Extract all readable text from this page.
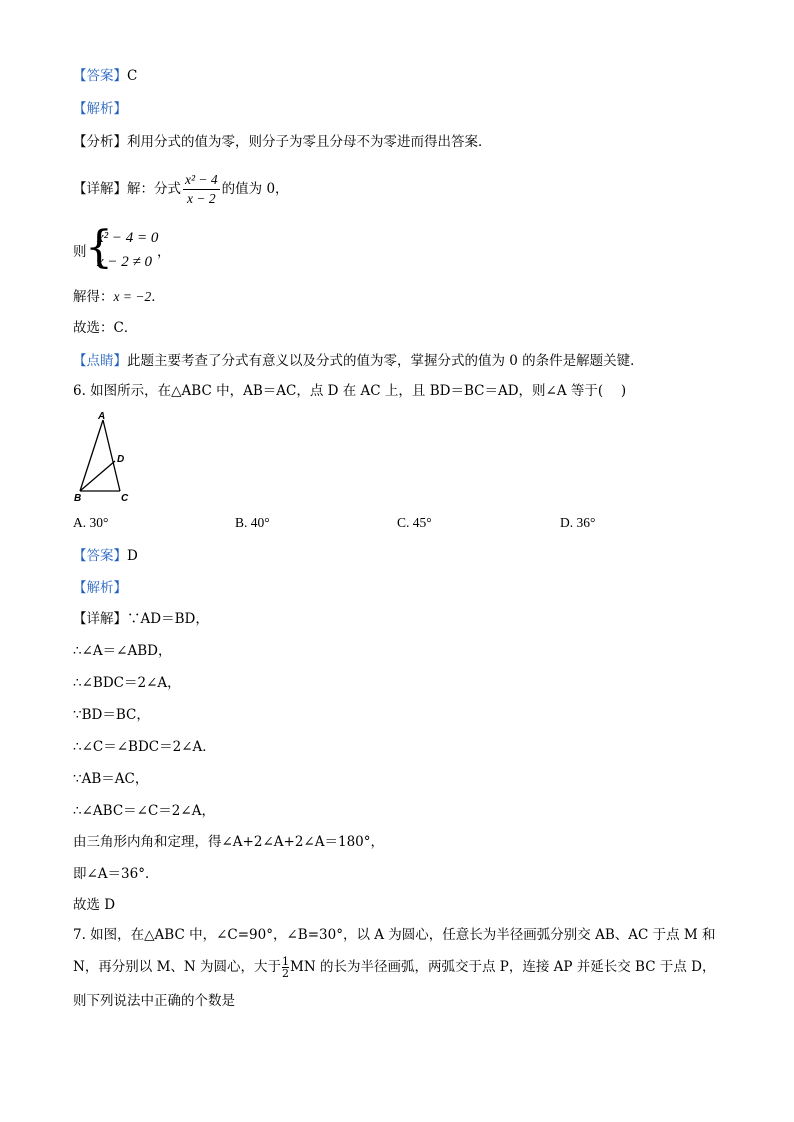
【答案】C
【解析】
【分析】利用分式的值为零，则分子为零且分母不为零进而得出答案．
【详解】解：分式 $\frac{\text{x² − 4}}{x - 2}$ 的值为 0，
则
{
x² − 4 = 0
x − 2 ≠ 0
，
解得：x = −2．
故选：C．
【点睛】此题主要考查了分式有意义以及分式的值为零，掌握分式的值为 0 的条件是解题关键．
6. 如图所示，在△ABC 中，AB＝AC，点 D 在 AC 上，且 BD＝BC＝AD，则∠A 等于(　 )
A
B	C
D
A. 30°	B. 40°	C. 45°	D. 36°
【答案】D
【解析】
【详解】∵AD＝BD，
∴∠A＝∠ABD，
∴∠BDC＝2∠A，
∵BD＝BC，
∴∠C＝∠BDC＝2∠A．
∵AB＝AC，
∴∠ABC＝∠C＝2∠A，
由三角形内角和定理，得∠A+2∠A+2∠A＝180°，
即∠A＝36°．
故选 D
7. 如图，在△ABC 中，∠C=90°，∠B=30°，以 A 为圆心，任意长为半径画弧分别交 AB、AC 于点 M 和
N，再分别以 M、N 为圆心，大于 $\frac{1}{2}$ MN 的长为半径画弧，两弧交于点 P，连接 AP 并延长交 BC 于点 D，
则下列说法中正确的个数是
